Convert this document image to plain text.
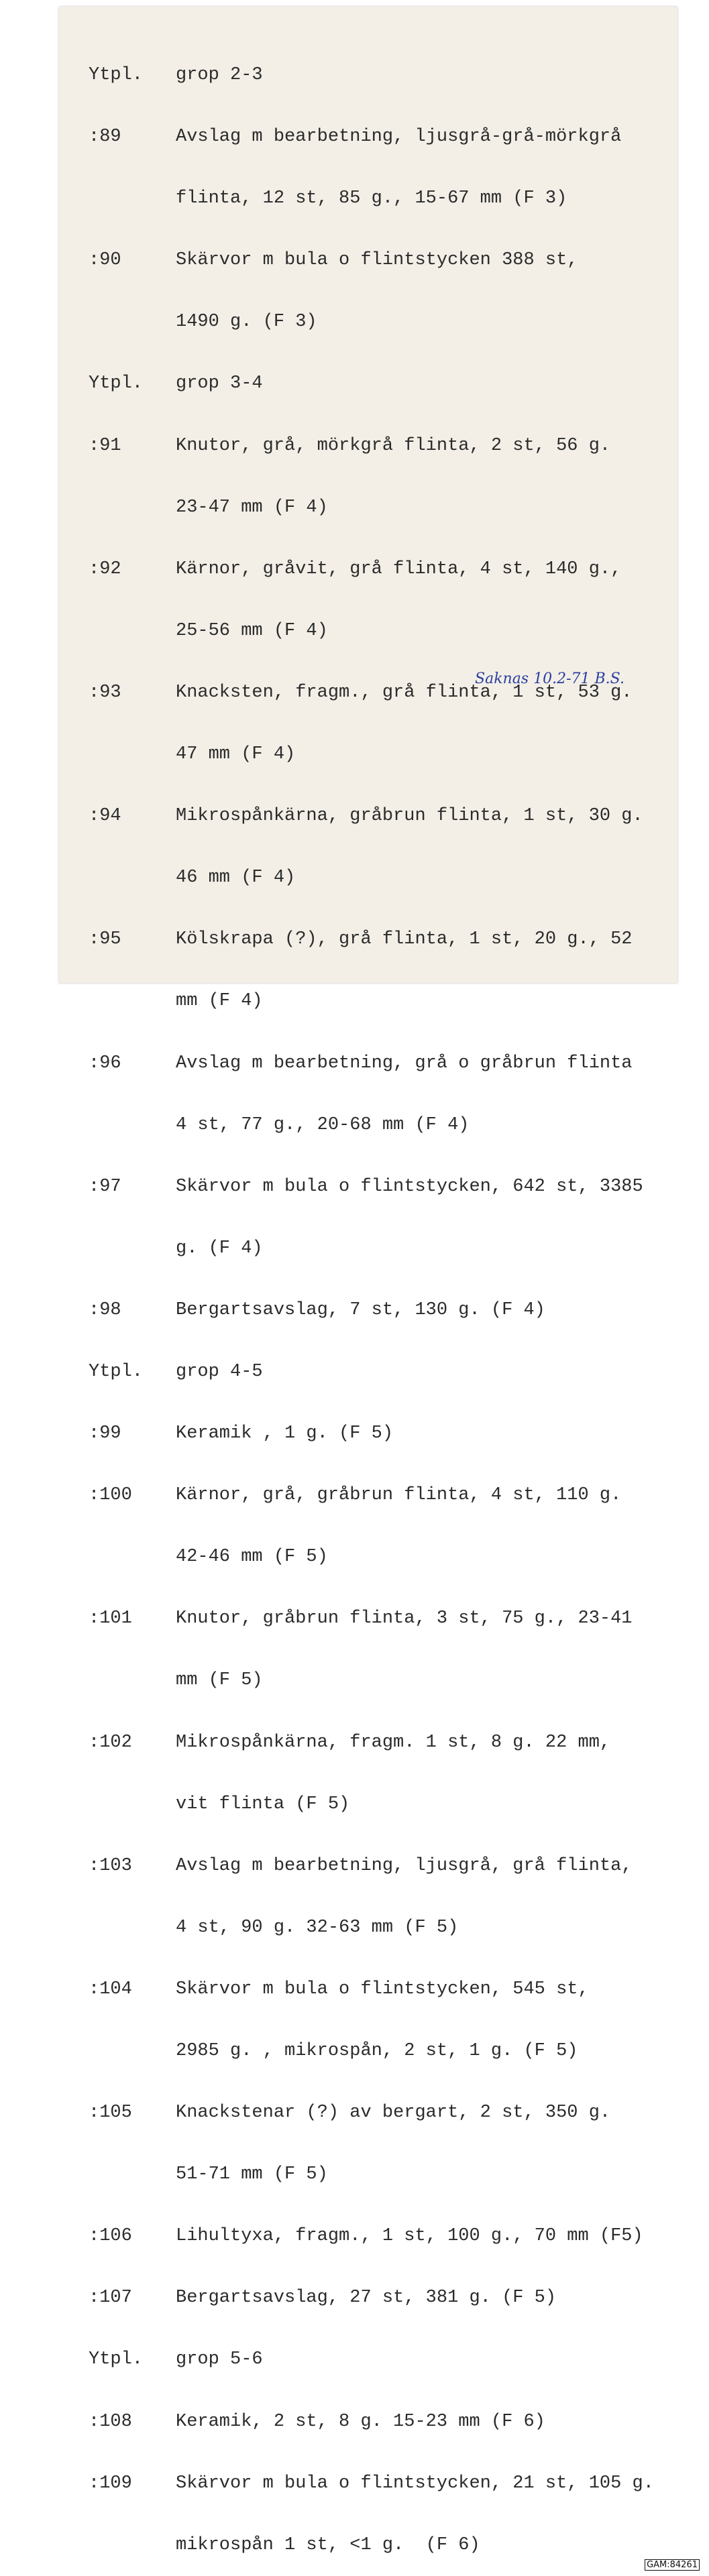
Ytpl. grop 2-3

:89	Avslag m bearbetning, ljusgrå-grå-mörkgrå

flinta, 12 st, 85 g., 15-67 mm (F 3)

:90	Skärvor m bula o flintstycken 388 st,

1490 g. (F 3)

Ytpl. grop 3-4

:91	Knutor, grå, mörkgrå flinta, 2 st, 56 g.

23-47 mm (F 4)

:92	Kärnor, gråvit, grå flinta, 4 st, 140 g.,

25-56 mm (F 4)

:93	Knacksten, fragm., grå flinta, 1 st, 53 g.

47 mm (F 4)

:94	Mikrospånkärna, gråbrun flinta, 1 st, 30 g.

46 mm (F 4)

:95	Kölskrapa (?), grå flinta, 1 st, 20 g., 52

mm (F 4)

:96	Avslag m bearbetning, grå o gråbrun flinta

4 st, 77 g., 20-68 mm (F 4)

:97	Skärvor m bula o flintstycken, 642 st, 3385

g. (F 4)

:98	Bergartsavslag, 7 st, 130 g. (F 4)

Ytpl. grop 4-5

:99	Keramik , 1 g. (F 5)

:100 Kärnor, grå, gråbrun flinta, 4 st, 110 g.

42-46 mm (F 5)

:101 Knutor, gråbrun flinta, 3 st, 75 g., 23-41

mm (F 5)

:102 Mikrospånkärna, fragm. 1 st, 8 g. 22 mm,

vit flinta (F 5)

:103 Avslag m bearbetning, ljusgrå, grå flinta,

4 st, 90 g. 32-63 mm (F 5)

:104 Skärvor m bula o flintstycken, 545 st,

2985 g. , mikrospån, 2 st, 1 g. (F 5)

:105 Knackstenar (?) av bergart, 2 st, 350 g.

51-71 mm (F 5)

:106 Lihultyxa, fragm., 1 st, 100 g., 70 mm (F5)

:107 Bergartsavslag, 27 st, 381 g. (F 5)

Ytpl. grop 5-6

:108 Keramik, 2 st, 8 g. 15-23 mm (F 6)

:109 Skärvor m bula o flintstycken, 21 st, 105 g.

mikrospån 1 st, <1 g.  (F 6)

Saknas 10.2-71 B.S.
GAM:84261
